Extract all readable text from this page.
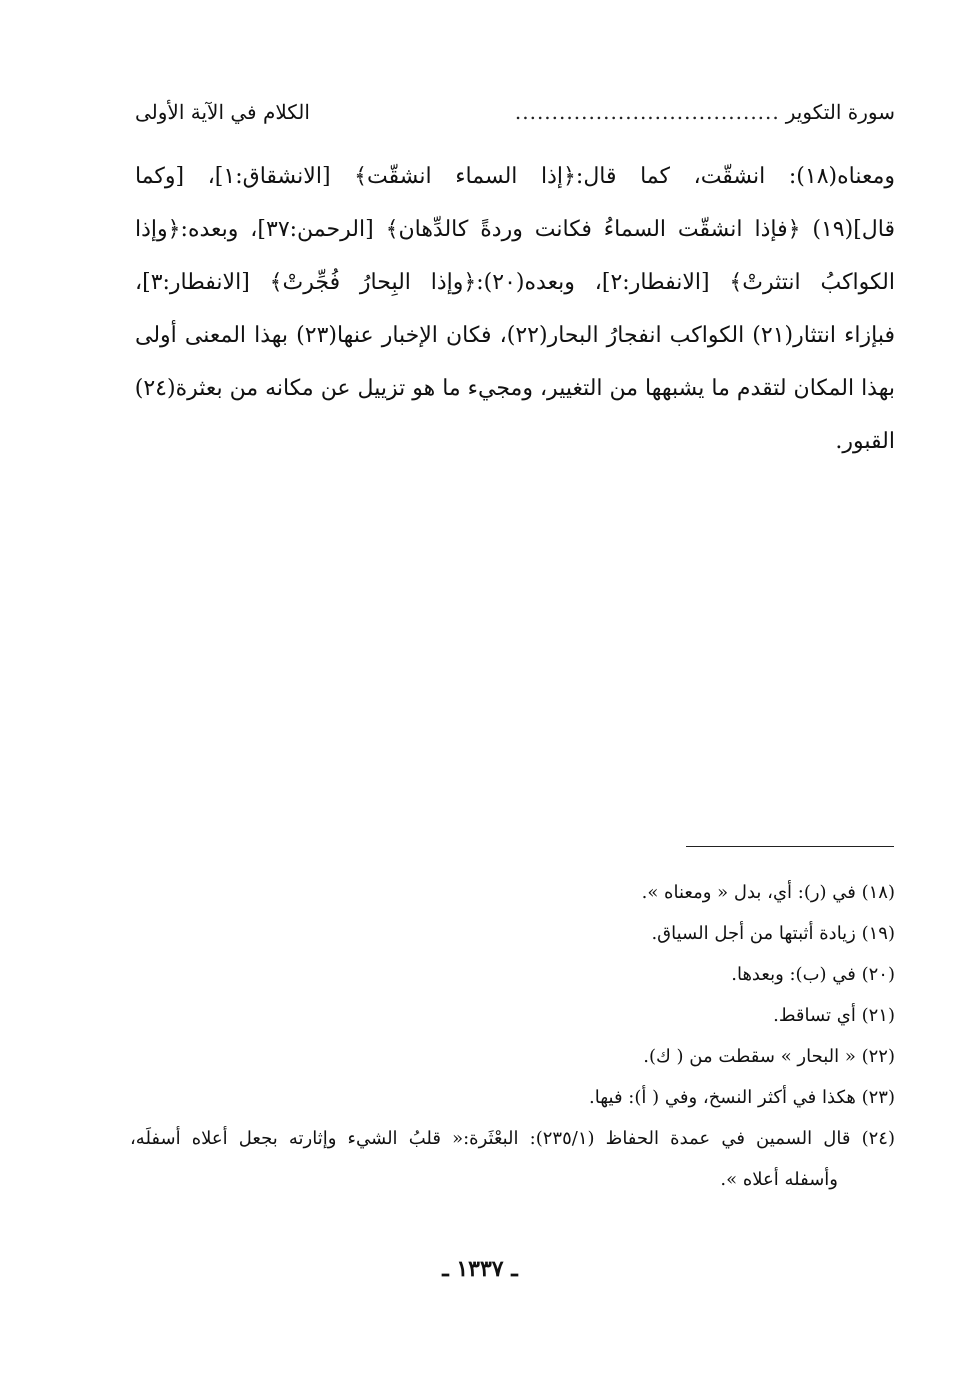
سورة التكوير
....................................
الكلام في الآية الأولى
ومعناه(١٨): انشقّت، كما قال:﴿إذا السماء انشقّت﴾ [الانشقاق:١]، [وكما
قال](١٩) ﴿فإذا انشقّت السماءُ فكانت وردةً كالدِّهان﴾ [الرحمن:٣٧]، وبعده:﴿وإذا
الكواكبُ انتثرتْ﴾ [الانفطار:٢]، وبعده(٢٠):﴿وإذا البِحارُ فُجِّرتْ﴾ [الانفطار:٣]،
فبإزاء انتثار(٢١) الكواكب انفجارُ البحار(٢٢)، فكان الإخبار عنها(٢٣) بهذا المعنى أولى
بهذا المكان لتقدم ما يشبهها من التغيير، ومجيء ما هو تزييل عن مكانه من بعثرة(٢٤)
القبور.
(١٨) في (ر): أي، بدل « ومعناه ».
(١٩) زيادة أثبتها من أجل السياق.
(٢٠) في (ب): وبعدها.
(٢١) أي تساقط.
(٢٢) « البحار » سقطت من ( ك).
(٢٣) هكذا في أكثر النسخ، وفي ( أ): فيها.
(٢٤) قال السمين في عمدة الحفاظ (٢٣٥/١): البعْثَرة:« قلبُ الشيء وإثارته بجعل أعلاه أسفلَه،
وأسفله أعلاه ».
ـ ١٣٣٧ ـ
